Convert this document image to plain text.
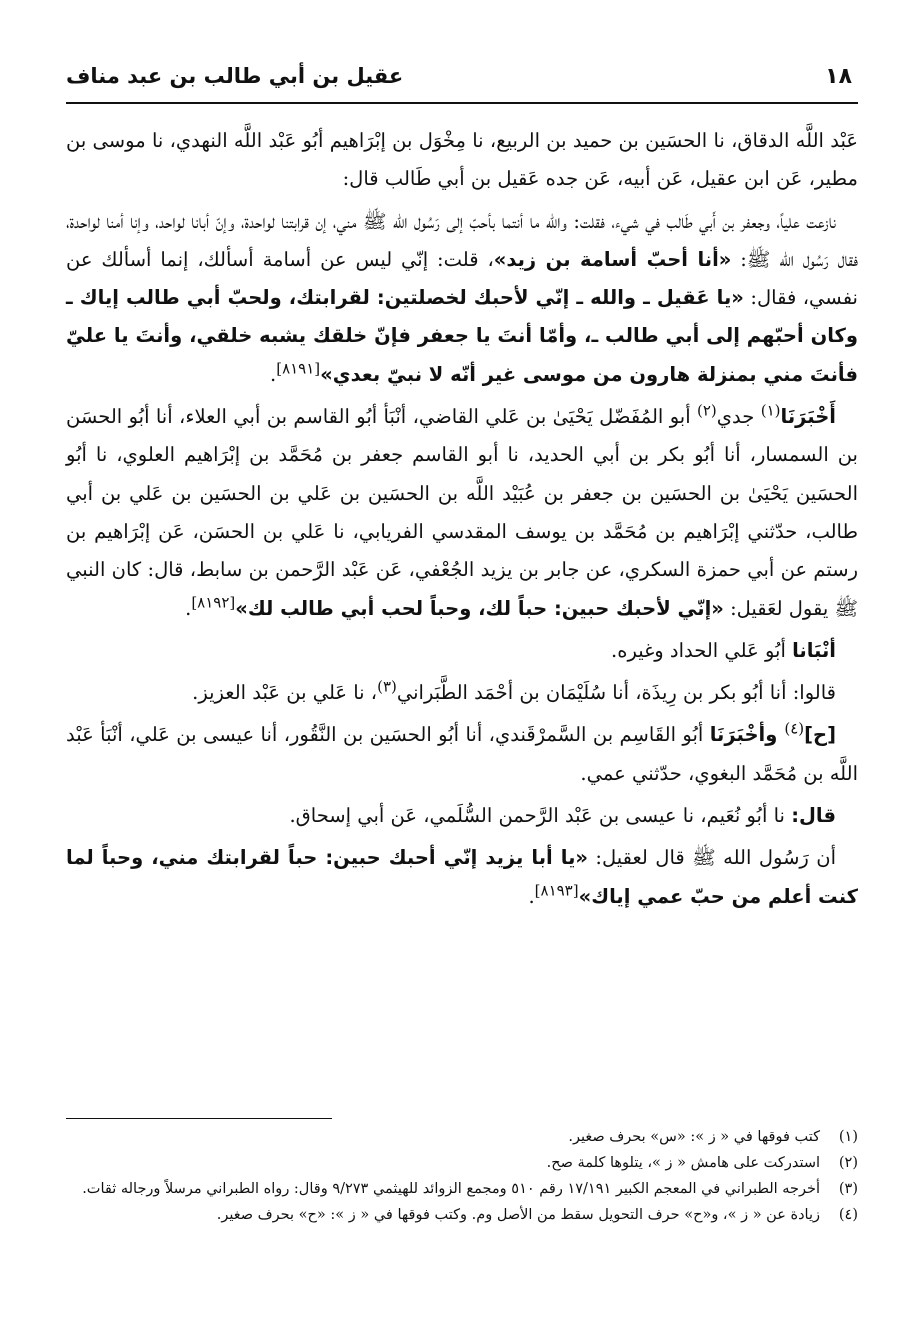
١٨
عقيل بن أبي طالب بن عبد مناف

عَبْد اللَّه الدقاق، نا الحسَين بن حميد بن الربيع، نا مِخْوَل بن إبْرَاهيم أبُو عَبْد اللَّه النهدي، نا موسى بن مطير، عَن ابن عقيل، عَن أبيه، عَن جده عَقيل بن أبي طَالب قال:

نازعت علياً، وجعفر بن أَبي طَالب في شيء، فقلت: والله ما أنتما بأحبّ إلى رَسُول الله ﷺ مني، إن قرابتنا لواحدة، وإنّ أبانا لواحد، وإنا أمنا لواحدة، فقال رَسُول الله ﷺ: «أنا أحبّ أسامة بن زيد»، قلت: إنّي ليس عن أسامة أسألك، إنما أسألك عن نفسي، فقال: «يا عَقيل ـ والله ـ إنّي لأحبك لخصلتين: لقرابتك، ولحبّ أبي طالب إياك ـ وكان أحبّهم إلى أبي طالب ـ، وأمّا أنتَ يا جعفر فإنّ خلقك يشبه خلقي، وأنتَ يا عليّ فأنتَ مني بمنزلة هارون من موسى غير أنّه لا نبيّ بعدي»[٨١٩١].

أَخْبَرَنَا$^{(١)}$ جدي$^{(٢)}$ أبو المُفَضّل يَحْيَىٰ بن عَلي القاضي، أنْبَأ أبُو القاسم بن أبي العلاء، أنا أبُو الحسَن بن السمسار، أنا أبُو بكر بن أبي الحديد، نا أبو القاسم جعفر بن مُحَمَّد بن إبْرَاهيم العلوي، نا أبُو الحسَين يَحْيَىٰ بن الحسَين بن جعفر بن عُبَيْد اللَّه بن الحسَين بن عَلي بن الحسَين بن عَلي بن أبي طالب، حدّثني إبْرَاهيم بن مُحَمَّد بن يوسف المقدسي الفريابي، نا عَلي بن الحسَن، عَن إبْرَاهيم بن رستم عن أبي حمزة السكري، عن جابر بن يزيد الجُعْفي، عَن عَبْد الرَّحمن بن سابط، قال: كان النبي ﷺ يقول لعَقيل: «إنّي لأحبك حبين: حباً لك، وحباً لحب أبي طالب لك»[٨١٩٢].

أنْبَانا أبُو عَلي الحداد وغيره.

قالوا: أنا أبُو بكر بن رِيذَة، أنا سُلَيْمَان بن أحْمَد الطَّبَراني$^{(٣)}$، نا عَلي بن عَبْد العزيز.

[ح]$^{(٤)}$ وأخْبَرَنَا أبُو القَاسِم بن السَّمرْقَندي، أنا أبُو الحسَين بن النَّقُور، أنا عيسى بن عَلي، أنْبَأ عَبْد اللَّه بن مُحَمَّد البغوي، حدّثني عمي.

قال: نا أبُو نُعَيم، نا عيسى بن عَبْد الرَّحمن السُّلَمي، عَن أبي إسحاق.

أن رَسُول الله ﷺ قال لعقيل: «يا أبا يزيد إنّي أحبك حبين: حباً لقرابتك مني، وحباً لما كنت أعلم من حبّ عمي إياك»[٨١٩٣].

(١)
كتب فوقها في « ز »: «س» بحرف صغير.
(٢)
استدركت على هامش « ز »، يتلوها كلمة صح.
(٣)
أخرجه الطبراني في المعجم الكبير ١٧/١٩١ رقم ٥١٠ ومجمع الزوائد للهيثمي ٩/٢٧٣ وقال: رواه الطبراني مرسلاً ورجاله ثقات.
(٤)
زيادة عن « ز »، و«ح» حرف التحويل سقط من الأصل وم. وكتب فوقها في « ز »: «ح» بحرف صغير.
